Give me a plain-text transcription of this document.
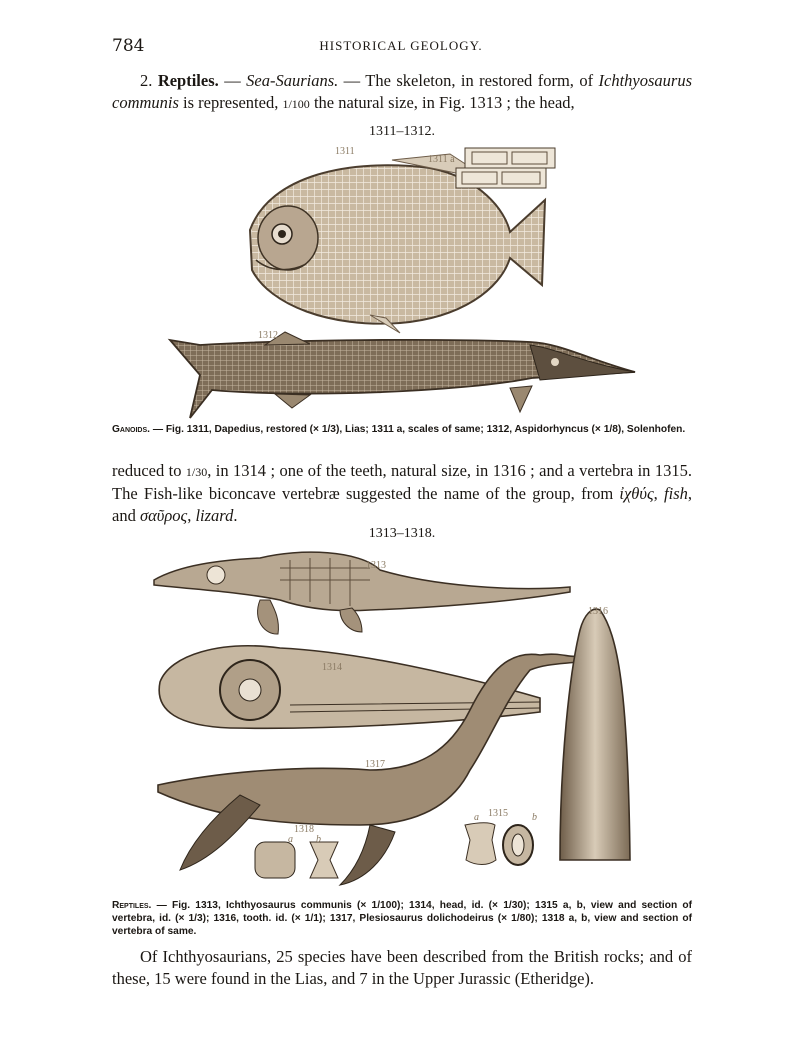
784	HISTORICAL GEOLOGY.
2. Reptiles. — Sea-Saurians. — The skeleton, in restored form, of Ichthyosaurus communis is represented, 1/100 the natural size, in Fig. 1313 ; the head,
1311–1312.
1311
1311 a
1312
Ganoids. — Fig. 1311, Dapedius, restored (× 1/3), Lias; 1311 a, scales of same; 1312, Aspidorhyncus (× 1/8), Solenhofen.
reduced to 1/30, in 1314 ; one of the teeth, natural size, in 1316 ; and a vertebra in 1315. The Fish-like biconcave vertebræ suggested the name of the group, from ἰχθύς, fish, and σαῦρος, lizard.
1313–1318.
1313
1314
1316
1317
1315
1318
a	b
a b
Reptiles. — Fig. 1313, Ichthyosaurus communis (× 1/100); 1314, head, id. (× 1/30); 1315 a, b, view and section of vertebra, id. (× 1/3); 1316, tooth. id. (× 1/1); 1317, Plesiosaurus dolichodeirus (× 1/80); 1318 a, b, view and section of vertebra of same.
Of Ichthyosaurians, 25 species have been described from the British rocks; and of these, 15 were found in the Lias, and 7 in the Upper Jurassic (Etheridge).
